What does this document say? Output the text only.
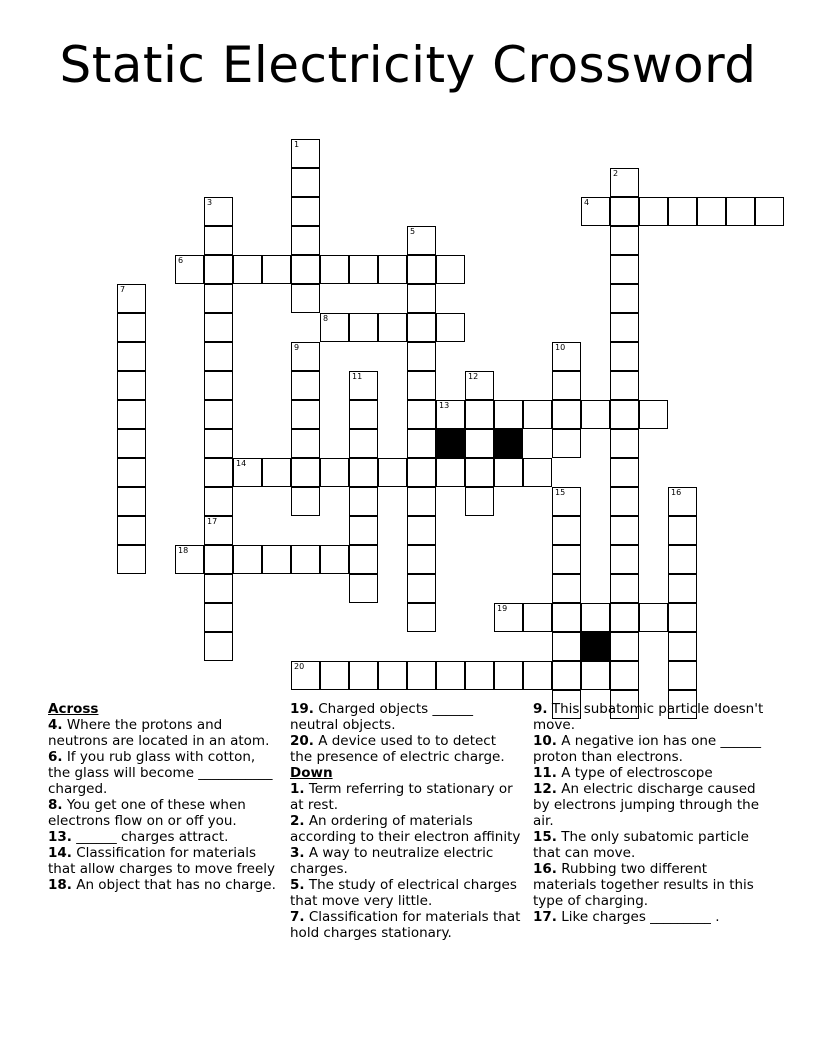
Static Electricity Crossword
4
6
8
13
14
18
19
20
1
2
3
17
5
7
9	10
11	12
15	16
Across
4. Where the protons and neutrons are located in an atom.
6. If you rub glass with cotton, the glass will become ___________ charged.
8. You get one of these when electrons flow on or off you.
13. ______ charges attract.
14. Classification for materials that allow charges to move freely
18. An object that has no charge.
19. Charged objects ______ neutral objects.
20. A device used to to detect the presence of electric charge.
Down
1. Term referring to stationary or at rest.
2. An ordering of materials according to their electron affinity
3. A way to neutralize electric charges.
5. The study of electrical charges that move very little.
7. Classification for materials that hold charges stationary.
9. This subatomic particle doesn't move.
10. A negative ion has one ______ proton than electrons.
11. A type of electroscope
12. An electric discharge caused by electrons jumping through the air.
15. The only subatomic particle that can move.
16. Rubbing two different materials together results in this type of charging.
17. Like charges _________ .
